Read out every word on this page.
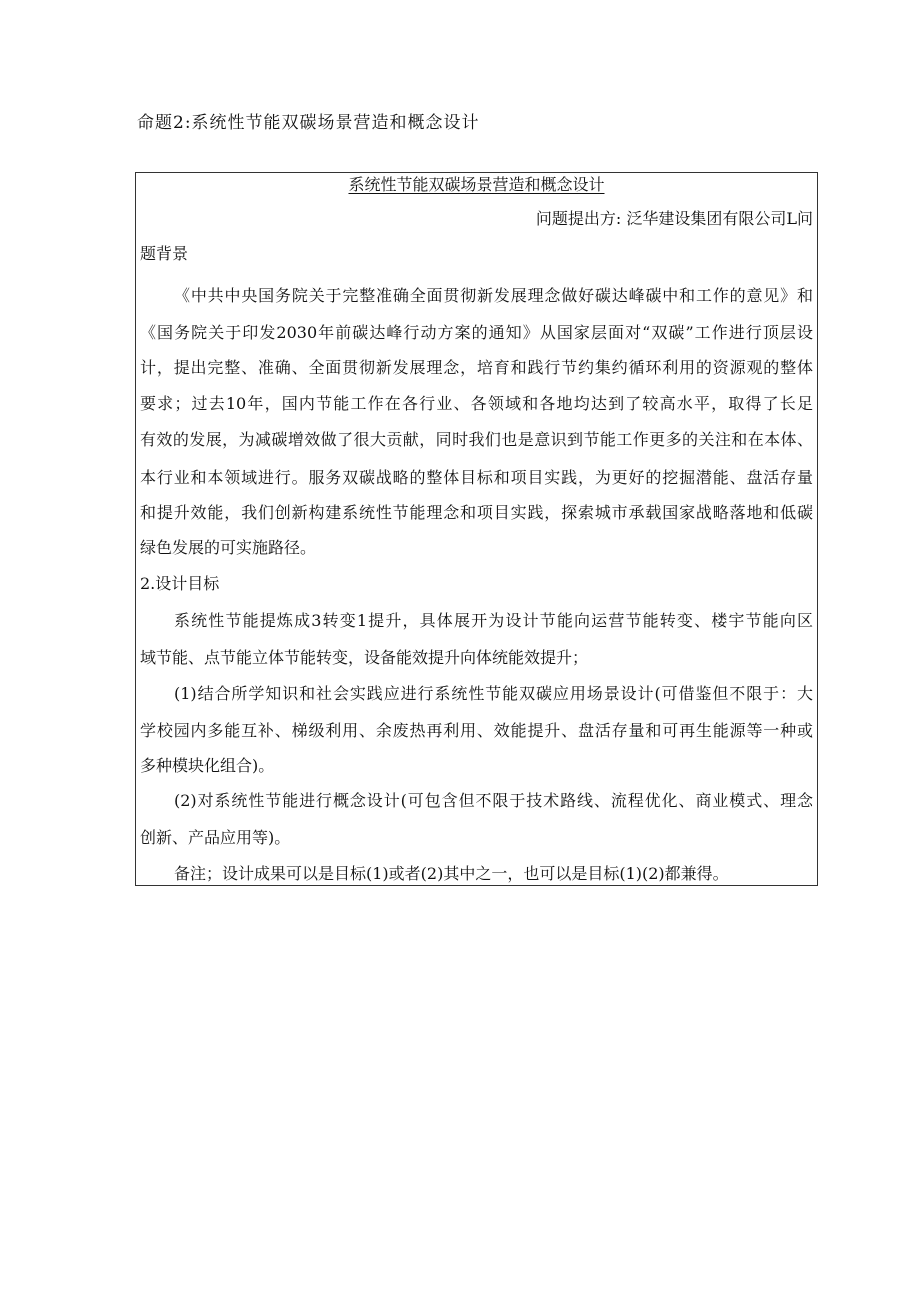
命题2:系统性节能双碳场景营造和概念设计
系统性节能双碳场景营造和概念设计
问题提出方: 泛华建设集团有限公司L问
题背景
《中共中央国务院关于完整准确全面贯彻新发展理念做好碳达峰碳中和工作的意见》和
《国务院关于印发2030年前碳达峰行动方案的通知》从国家层面对“双碳”工作进行顶层设
计，提出完整、准确、全面贯彻新发展理念，培育和践行节约集约循环利用的资源观的整体
要求；过去10年，国内节能工作在各行业、各领域和各地均达到了较高水平，取得了长足
有效的发展，为减碳增效做了很大贡献，同时我们也是意识到节能工作更多的关注和在本体、
本行业和本领域进行。服务双碳战略的整体目标和项目实践，为更好的挖掘潜能、盘活存量
和提升效能，我们创新构建系统性节能理念和项目实践，探索城市承载国家战略落地和低碳
绿色发展的可实施路径。
2.设计目标
系统性节能提炼成3转变1提升，具体展开为设计节能向运营节能转变、楼宇节能向区
域节能、点节能立体节能转变，设备能效提升向体统能效提升；
(1)结合所学知识和社会实践应进行系统性节能双碳应用场景设计(可借鉴但不限于：大
学校园内多能互补、梯级利用、余废热再利用、效能提升、盘活存量和可再生能源等一种或
多种模块化组合)。
(2)对系统性节能进行概念设计(可包含但不限于技术路线、流程优化、商业模式、理念
创新、产品应用等)。
备注；设计成果可以是目标(1)或者(2)其中之一，也可以是目标(1)(2)都兼得。
